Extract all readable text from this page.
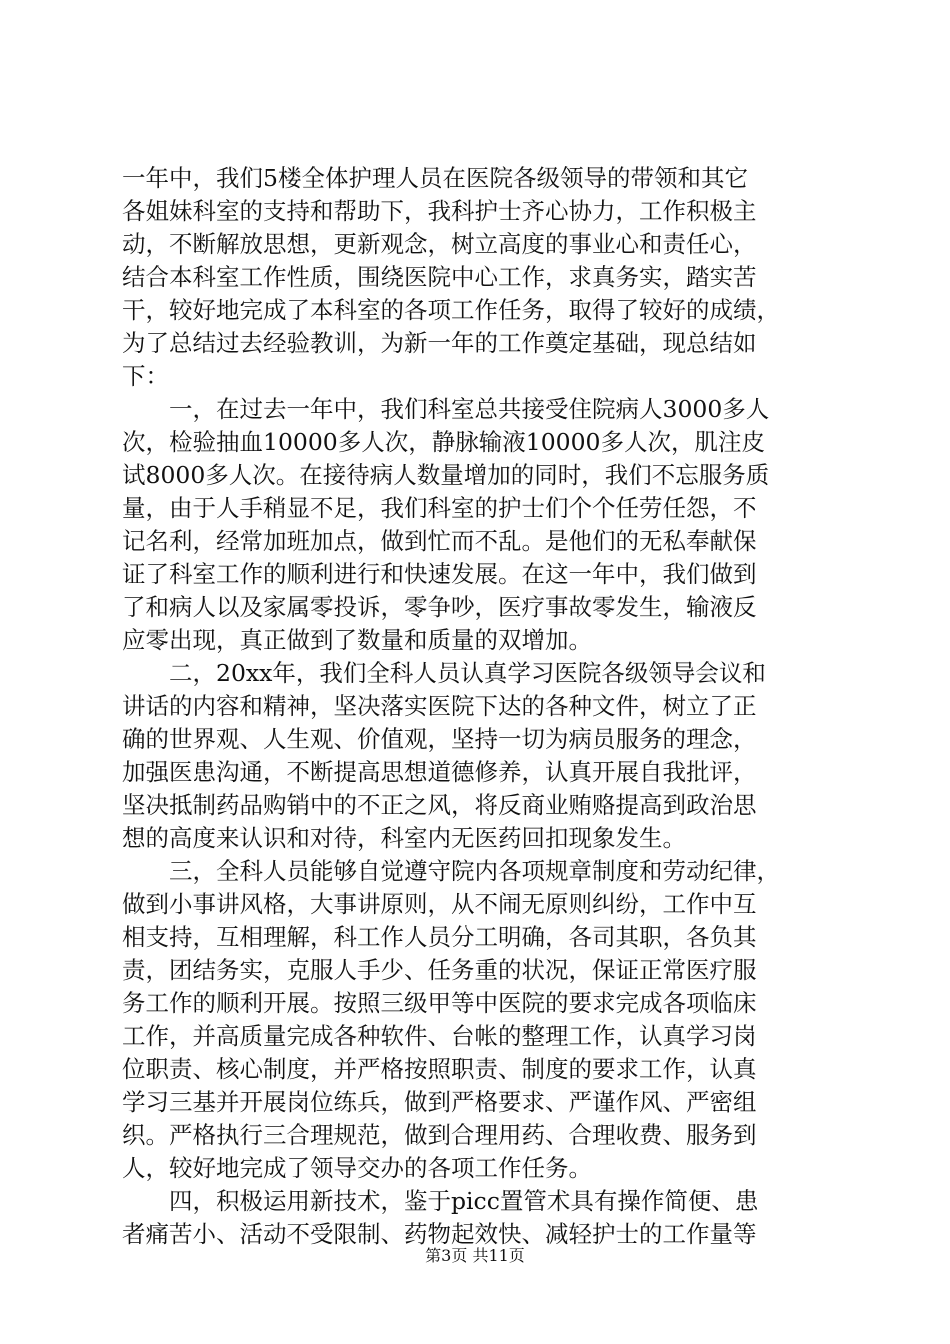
一年中，我们5楼全体护理人员在医院各级领导的带领和其它
各姐妹科室的支持和帮助下，我科护士齐心协力，工作积极主
动，不断解放思想，更新观念，树立高度的事业心和责任心，
结合本科室工作性质，围绕医院中心工作，求真务实，踏实苦
干，较好地完成了本科室的各项工作任务，取得了较好的成绩，
为了总结过去经验教训，为新一年的工作奠定基础，现总结如
下：
　　一，在过去一年中，我们科室总共接受住院病人3000多人
次，检验抽血10000多人次，静脉输液10000多人次，肌注皮
试8000多人次。在接待病人数量增加的同时，我们不忘服务质
量，由于人手稍显不足，我们科室的护士们个个任劳任怨，不
记名利，经常加班加点，做到忙而不乱。是他们的无私奉献保
证了科室工作的顺利进行和快速发展。在这一年中，我们做到
了和病人以及家属零投诉，零争吵，医疗事故零发生，输液反
应零出现，真正做到了数量和质量的双增加。
　　二，20xx年，我们全科人员认真学习医院各级领导会议和
讲话的内容和精神，坚决落实医院下达的各种文件，树立了正
确的世界观、人生观、价值观，坚持一切为病员服务的理念，
加强医患沟通，不断提高思想道德修养，认真开展自我批评，
坚决抵制药品购销中的不正之风，将反商业贿赂提高到政治思
想的高度来认识和对待，科室内无医药回扣现象发生。
　　三，全科人员能够自觉遵守院内各项规章制度和劳动纪律，
做到小事讲风格，大事讲原则，从不闹无原则纠纷，工作中互
相支持，互相理解，科工作人员分工明确，各司其职，各负其
责，团结务实，克服人手少、任务重的状况，保证正常医疗服
务工作的顺利开展。按照三级甲等中医院的要求完成各项临床
工作，并高质量完成各种软件、台帐的整理工作，认真学习岗
位职责、核心制度，并严格按照职责、制度的要求工作，认真
学习三基并开展岗位练兵，做到严格要求、严谨作风、严密组
织。严格执行三合理规范，做到合理用药、合理收费、服务到
人，较好地完成了领导交办的各项工作任务。
　　四，积极运用新技术，鉴于picc置管术具有操作简便、患
者痛苦小、活动不受限制、药物起效快、减轻护士的工作量等
第3页 共11页
